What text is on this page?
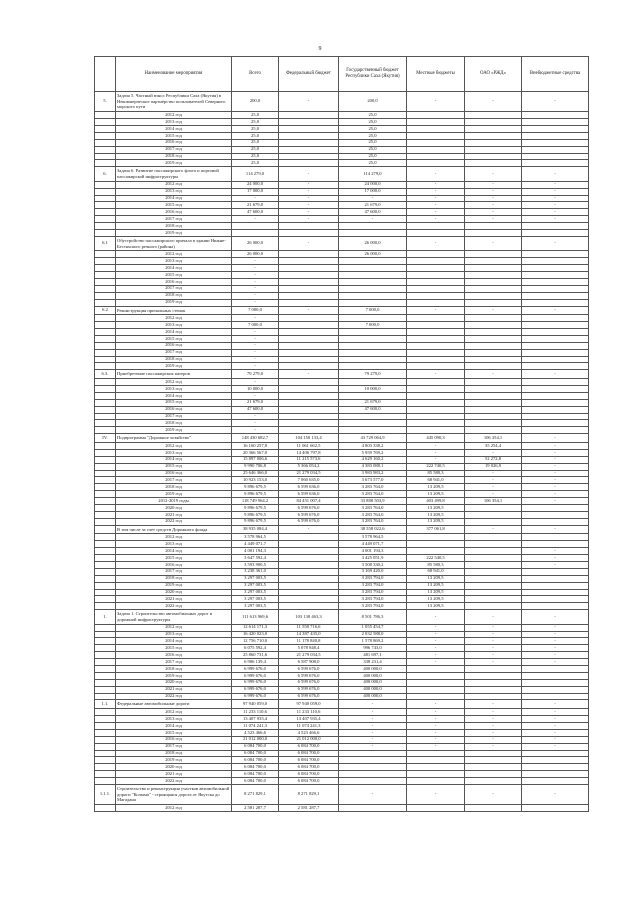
9
	Наименование мероприятия	Всего	Федеральный бюджет	Государственный бюджет Республики Саха (Якутия)	Местные бюджеты	ОАО «РЖД»	Внебюджетные средства
5.	Задача 5. Частный взнос Республики Саха (Якутия) в Некоммерческое партнёрство пользователей Северного морского пути	200,0	-	200,0	-	-	-
	2012 год	25,0		25,0			
	2013 год	25,0		25,0			
	2014 год	25,0		25,0			
	2015 год	25,0		25,0			
	2016 год	25,0		25,0			
	2017 год	25,0		25,0			
	2018 год	25,0		25,0			
	2019 год	25,0		25,0			
6.	Задача 6. Развитие пассажирского флота и портовой пассажирской инфраструктуры	114 279,0	-	114 279,0	-	-	-
	2012 год	24 000,0	-	24 000,0	-	-	-
	2013 год	17 000,0	-	17 000,0	-	-	-
	2014 год	-	-	-	-	-	-
	2015 год	21 679,0	-	21 679,0	-	-	-
	2016 год	47 600,0	-	47 600,0	-	-	-
	2017 год	-	-	-	-	-	-
	2018 год						
	2019 год						
6.1	Обустройство пассажирского причала в здании Нижне-Бестяхского речного (района)	26 000,0	-	26 000,0	-	-	-
	2012 год	26 000,0		26 000,0			
	2013 год	-					
	2014 год	-					
	2015 год	-					
	2016 год	-					
	2017 год	-					
	2018 год	-					
	2019 год	-					
6.2	Реконструкция причальных стенок	7 000,0	-	7 000,0	-	-	-
	2012 год	-					
	2013 год	7 000,0		7 000,0			
	2014 год	-					
	2015 год	-					
	2016 год	-					
	2017 год	-					
	2018 год	-					
	2019 год	-					
6.3.	Приобретение пассажирских катеров	79 279,0	-	79 279,0	-	-	-
	2012 год	-					
	2013 год	10 000,0		10 000,0			
	2014 год	-					
	2015 год	21 679,0		21 679,0			
	2016 год	47 600,0		47 600,0			
	2017 год	-					
	2018 год	-					
	2019 год	-					
IV.	Подпрограмма "Дорожное хозяйство"	148 430 682,7	104 150 133,4	43 729 064,9	445 090,3	106 354,1	-
	2012 год	16 160 257,8	11 061 662,5	4 803 338,2	-	35 254,4	-
	2013 год	20 366 567,0	14 406 797,8	5 959 769,2	-	-	-
	2014 год	15 897 006,6	11 215 573,6	4 629 160,2	-	52 272,8	-
	2015 год	9 990 706,8	5 366 054,2	4 383 088,1	222 740,5	19 026,9	-
	2016 год	25 646 366,0	21 279 034,5	3 983 983,2	85 580,3	-	-
	2017 год	10 923 153,0	7 060 635,0	3 673 577,0	68 941,0	-	-
	2018 год	9 896 679,5	6 599 636,0	3 283 764,0	13 209,5	-	-
	2019 год	9 896 679,5	6 599 636,0	3 283 764,0	13 209,5	-	-
	2012-2019 годы	118 749 964,2	84 451 007,4	33 888 503,9	403 499,8	106 354,1	-
	2020 год	9 896 679,5	6 599 676,0	3 283 764,0	13 209,5		
	2021 год	9 896 679,5	6 599 676,0	3 283 764,0	13 209,5		
	2022 год	9 896 679,5	6 599 676,0	3 283 764,0	13 209,5		
	В том числе за счет средств Дорожного фонда	38 935 084,4	-	38 558 022,6	377 061,8	-	-
	2012 год	3 578 964,5		3 578 964,5			
	2013 год	4 449 071,7		4 449 071,7			
	2014 год	4 001 194,3		4 001 194,3			-
	2015 год	3 647 592,4		3 425 051,9	222 540,5		-
	2016 год	3 593 900,5		3 508 330,2	85 580,3		-
	2017 год	3 238 361,0		3 169 420,0	68 941,0		
	2018 год	3 297 003,5		3 283 794,0	13 209,5		
	2019 год	3 297 003,5		3 283 794,0	13 209,5		
	2020 год	3 297 003,5		3 283 794,0	13 209,5		
	2021 год	3 297 003,5		3 283 794,0	13 209,5		
	2022 год	3 297 003,5		3 283 794,0	13 209,5		
1.	Задача 1. Строительство автомобильных дорог и дорожной инфраструктуры	111 613 969,6	103 130 463,3	8 501 786,3	-	-	-
	2012 год	12 614 171,3	11 558 716,6	1 055 454,7	-	-	-
	2013 год	16 420 023,0	14 387 435,0	2 032 588,0	-	-	-
	2014 год	12 756 710,0	11 178 840,8	1 578 869,2	-	-	-
	2015 год	6 075 592,4	5 078 848,4	996 743,0	-	-	-
	2016 год	25 860 731,6	21 279 034,5	481 697,1	-	-	-
	2017 год	6 906 139,4	6 587 908,0	338 231,4	-	-	-
	2018 год	6 999 676,0	6 599 676,0	400 000,0			
	2019 год	6 999 676,0	6 599 676,0	400 000,0			
	2020 год	6 999 676,0	6 599 676,0	400 000,0			
	2021 год	6 999 676,0	6 599 676,0	400 000,0			
	2022 год	6 999 676,0	6 599 676,0	400 000,0			
1.1.	Федеральные автомобильные дороги	97 940 059,0	97 940 059,0	-	-	-	-
	2012 год	11 233 110,6	11 233 110,6	-	-	-	-
	2013 год	13 407 935,4	13 407 935,4	-	-	-	-
	2014 год	11 074 241,3	11 074 241,3	-	-	-	-
	2015 год	4 523 466,6	4 523 466,6	-	-	-	-
	2016 год	21 012 000,0	21 012 000,0	-	-	-	-
	2017 год	6 084 700,0	6 084 700,0	-	-	-	-
	2018 год	6 084 700,0	6 084 700,0				
	2019 год	6 084 700,0	6 084 700,0				
	2020 год	6 084 700,0	6 084 700,0				
	2021 год	6 084 700,0	6 084 700,0				
	2022 год	6 084 700,0	6 084 700,0				
1.1.1.	Строительство и реконструкция участков автомобильной дороги "Колыма" - строящаяся дорога от Якутска до Магадана	8 271 829,1	8 271 829,1	-	-	-	-
	2012 год	2 581 287,7	2 581 287,7				
